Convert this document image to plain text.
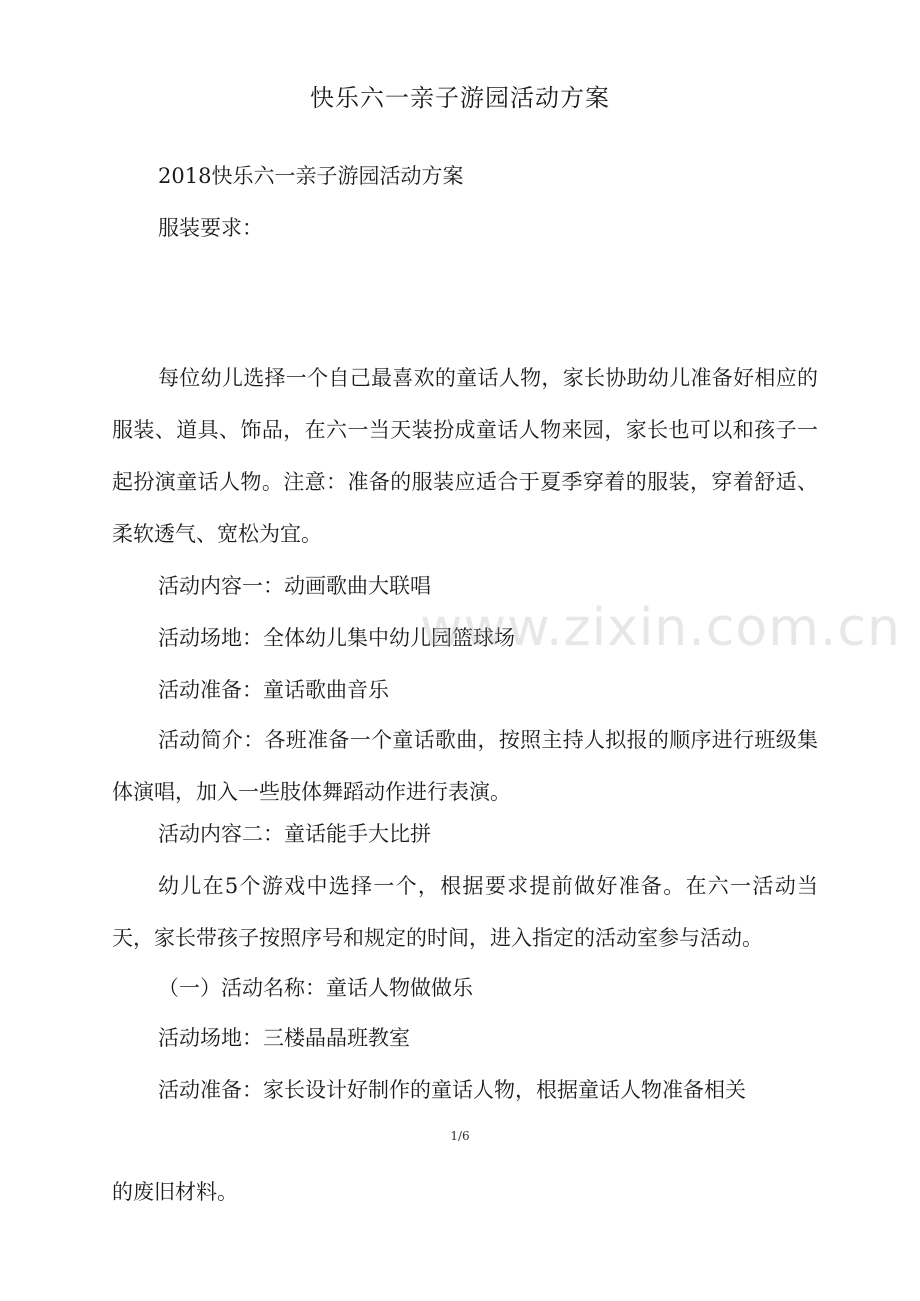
快乐六一亲子游园活动方案

2018快乐六一亲子游园活动方案

服装要求：

每位幼儿选择一个自己最喜欢的童话人物，家长协助幼儿准备好相应的服装、道具、饰品，在六一当天装扮成童话人物来园，家长也可以和孩子一起扮演童话人物。注意：准备的服装应适合于夏季穿着的服装，穿着舒适、柔软透气、宽松为宜。

活动内容一：动画歌曲大联唱

活动场地：全体幼儿集中幼儿园篮球场

活动准备：童话歌曲音乐

活动简介：各班准备一个童话歌曲，按照主持人拟报的顺序进行班级集体演唱，加入一些肢体舞蹈动作进行表演。

活动内容二：童话能手大比拼

幼儿在5个游戏中选择一个，根据要求提前做好准备。在六一活动当天，家长带孩子按照序号和规定的时间，进入指定的活动室参与活动。

（一）活动名称：童话人物做做乐

活动场地：三楼晶晶班教室

活动准备：家长设计好制作的童话人物，根据童话人物准备相关

1/6

的废旧材料。

www.zixin.com.cn
